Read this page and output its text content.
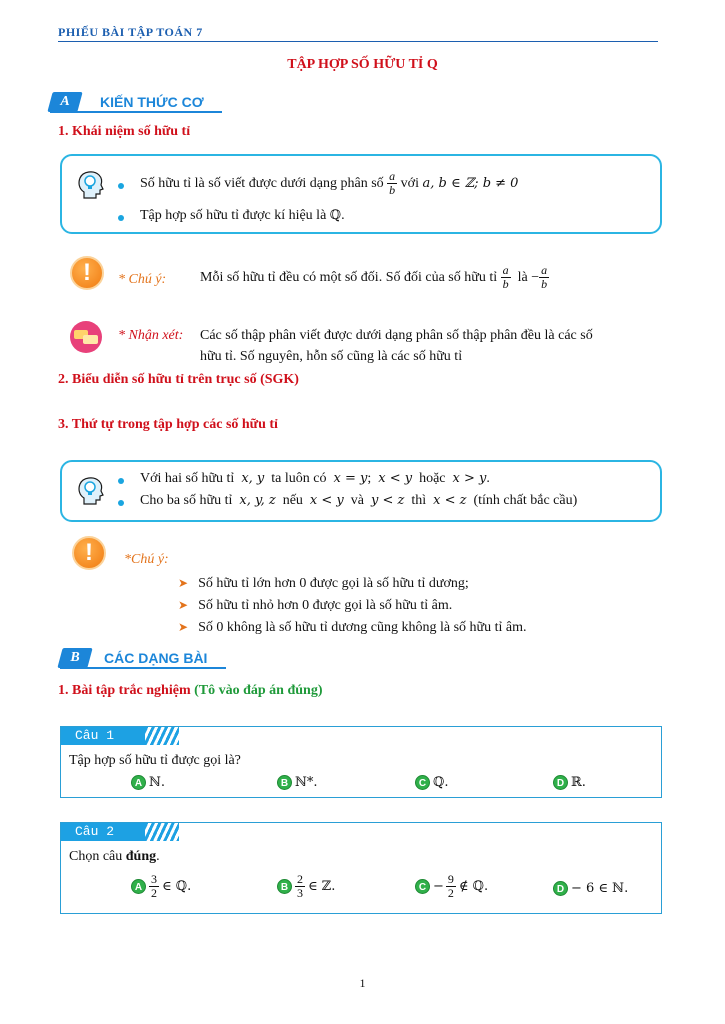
PHIẾU BÀI TẬP TOÁN 7
TẬP HỢP SỐ HỮU TỈ Q
A	KIẾN THỨC CƠ
1. Khái niệm số hữu tỉ
Số hữu tỉ là số viết được dưới dạng phân số
$\frac{a}{b}$
với
a, b ∈ ℤ; b ≠ 0
Tập hợp số hữu tỉ được kí hiệu là ℚ.
!	* Chú ý: Mỗi số hữu tỉ đều có một số đối. Số đối của số hữu tỉ
$\frac{a}{b}$
là
− $\frac{a}{b}$
* Nhận xét: Các số thập phân viết được dưới dạng phân số thập phân đều là các số
hữu tỉ. Số nguyên, hỗn số cũng là các số hữu tỉ
2. Biểu diễn số hữu tỉ trên trục số (SGK)
3. Thứ tự trong tập hợp các số hữu tỉ
Với hai số hữu tỉ x, y ta luôn có x = y; x < y hoặc x > y.
Cho ba số hữu tỉ x, y, z nếu x < y và y < z thì x < z (tính chất bắc cầu)
!	*Chú ý:
➤ Số hữu tỉ lớn hơn 0 được gọi là số hữu tỉ dương;
➤ Số hữu tỉ nhỏ hơn 0 được gọi là số hữu tỉ âm.
➤ Số 0 không là số hữu tỉ dương cũng không là số hữu tỉ âm.
B	CÁC DẠNG BÀI
1. Bài tập trắc nghiệm (Tô vào đáp án đúng)
Câu 1
Tập hợp số hữu tỉ được gọi là?
A ℕ.	B ℕ*.	C ℚ.	D ℝ.
Câu 2
Chọn câu đúng.
A $\frac{3}{2}$ ∈ ℚ.	B $\frac{2}{3}$ ∈ ℤ.	$C - \frac{9}{2}$ ∉ ℚ.	D − 6 ∈ ℕ.
1
